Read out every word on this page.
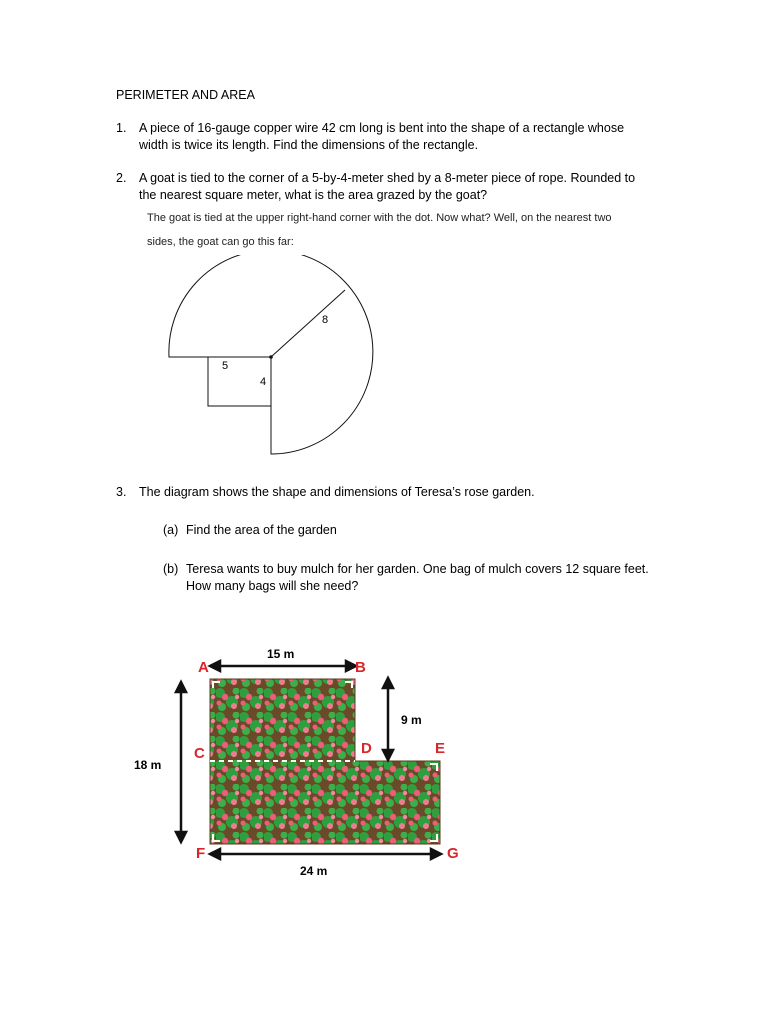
PERIMETER AND AREA
1.	A piece of 16-gauge copper wire 42 cm long is bent into the shape of a rectangle whose
width is twice its length. Find the dimensions of the rectangle.
2.	A goat is tied to the corner of a 5-by-4-meter shed by a 8-meter piece of rope. Rounded to
the nearest square meter, what is the area grazed by the goat?
The goat is tied at the upper right-hand corner with the dot. Now what? Well, on the nearest two
sides, the goat can go this far:
5
4
8
3.	The diagram shows the shape and dimensions of Teresa’s rose garden.
(a) Find the area of the garden
(b) Teresa wants to buy mulch for her garden. One bag of mulch covers 12 square feet.
How many bags will she need?
15 m
9 m
18 m
24 m
A	B
C	D	E
F	G
